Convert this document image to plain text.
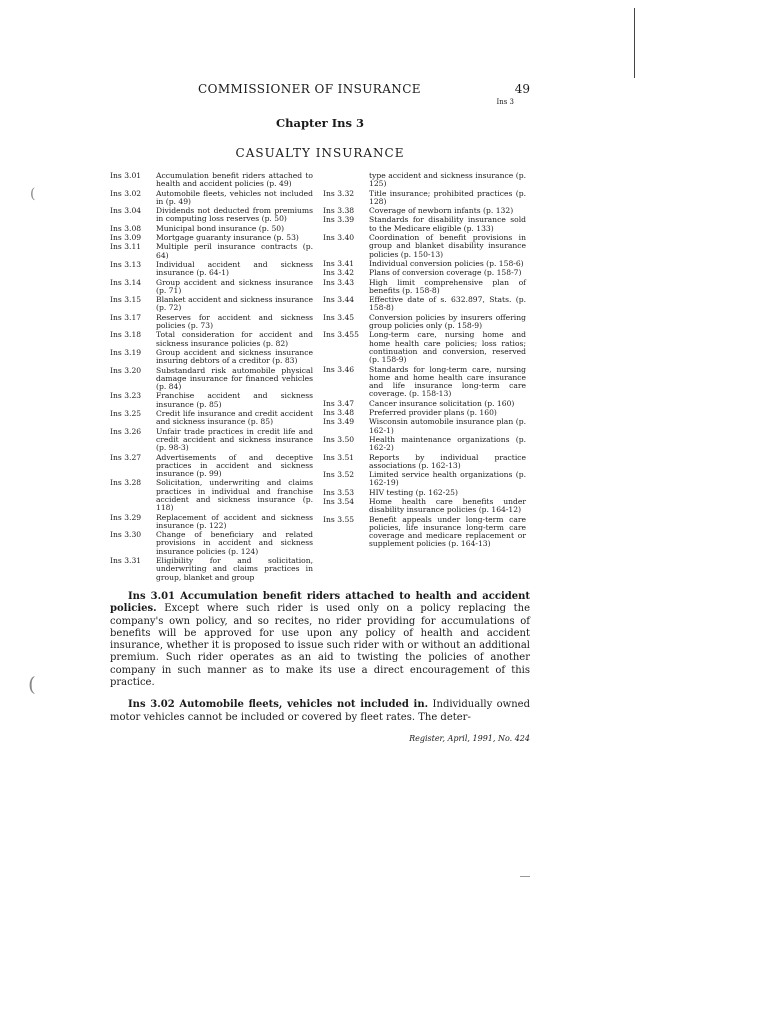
(
(
COMMISSIONER OF INSURANCE	49
Ins 3
Chapter Ins 3
CASUALTY INSURANCE
Ins 3.01	Accumulation benefit riders attached to health and accident policies (p. 49)
Ins 3.02	Automobile fleets, vehicles not included in (p. 49)
Ins 3.04	Dividends not deducted from premiums in computing loss reserves (p. 50)
Ins 3.08	Municipal bond insurance (p. 50)
Ins 3.09	Mortgage guaranty insurance (p. 53)
Ins 3.11	Multiple peril insurance contracts (p. 64)
Ins 3.13	Individual accident and sickness insurance (p. 64-1)
Ins 3.14	Group accident and sickness insurance (p. 71)
Ins 3.15	Blanket accident and sickness insurance (p. 72)
Ins 3.17	Reserves for accident and sickness policies (p. 73)
Ins 3.18	Total consideration for accident and sickness insurance policies (p. 82)
Ins 3.19	Group accident and sickness insurance insuring debtors of a creditor (p. 83)
Ins 3.20	Substandard risk automobile physical damage insurance for financed vehicles (p. 84)
Ins 3.23	Franchise accident and sickness insurance (p. 85)
Ins 3.25	Credit life insurance and credit accident and sickness insurance (p. 85)
Ins 3.26	Unfair trade practices in credit life and credit accident and sickness insurance (p. 98-3)
Ins 3.27	Advertisements of and deceptive practices in accident and sickness insurance (p. 99)
Ins 3.28	Solicitation, underwriting and claims practices in individual and franchise accident and sickness insurance (p. 118)
Ins 3.29	Replacement of accident and sickness insurance (p. 122)
Ins 3.30	Change of beneficiary and related provisions in accident and sickness insurance policies (p. 124)
Ins 3.31	Eligibility for and solicitation, underwriting and claims practices in group, blanket and group
type accident and sickness insurance (p. 125)
Ins 3.32	Title insurance; prohibited practices (p. 128)
Ins 3.38	Coverage of newborn infants (p. 132)
Ins 3.39	Standards for disability insurance sold to the Medicare eligible (p. 133)
Ins 3.40	Coordination of benefit provisions in group and blanket disability insurance policies (p. 150-13)
Ins 3.41	Individual conversion policies (p. 158-6)
Ins 3.42	Plans of conversion coverage (p. 158-7)
Ins 3.43	High limit comprehensive plan of benefits (p. 158-8)
Ins 3.44	Effective date of s. 632.897, Stats. (p. 158-8)
Ins 3.45	Conversion policies by insurers offering group policies only (p. 158-9)
Ins 3.455	Long-term care, nursing home and home health care policies; loss ratios; continuation and conversion, reserved (p. 158-9)
Ins 3.46	Standards for long-term care, nursing home and home health care insurance and life insurance long-term care coverage. (p. 158-13)
Ins 3.47	Cancer insurance solicitation (p. 160)
Ins 3.48	Preferred provider plans (p. 160)
Ins 3.49	Wisconsin automobile insurance plan (p. 162-1)
Ins 3.50	Health maintenance organizations (p. 162-2)
Ins 3.51	Reports by individual practice associations (p. 162-13)
Ins 3.52	Limited service health organizations (p. 162-19)
Ins 3.53	HIV testing (p. 162-25)
Ins 3.54	Home health care benefits under disability insurance policies (p. 164-12)
Ins 3.55	Benefit appeals under long-term care policies, life insurance long-term care coverage and medicare replacement or supplement policies (p. 164-13)

Ins 3.01 Accumulation benefit riders attached to health and accident policies. Except where such rider is used only on a policy replacing the company's own policy, and so recites, no rider providing for accumulations of benefits will be approved for use upon any policy of health and accident insurance, whether it is proposed to issue such rider with or without an additional premium. Such rider operates as an aid to twisting the policies of another company in such manner as to make its use a direct encouragement of this practice.

Ins 3.02 Automobile fleets, vehicles not included in. Individually owned motor vehicles cannot be included or covered by fleet rates. The deter-

Register, April, 1991, No. 424
